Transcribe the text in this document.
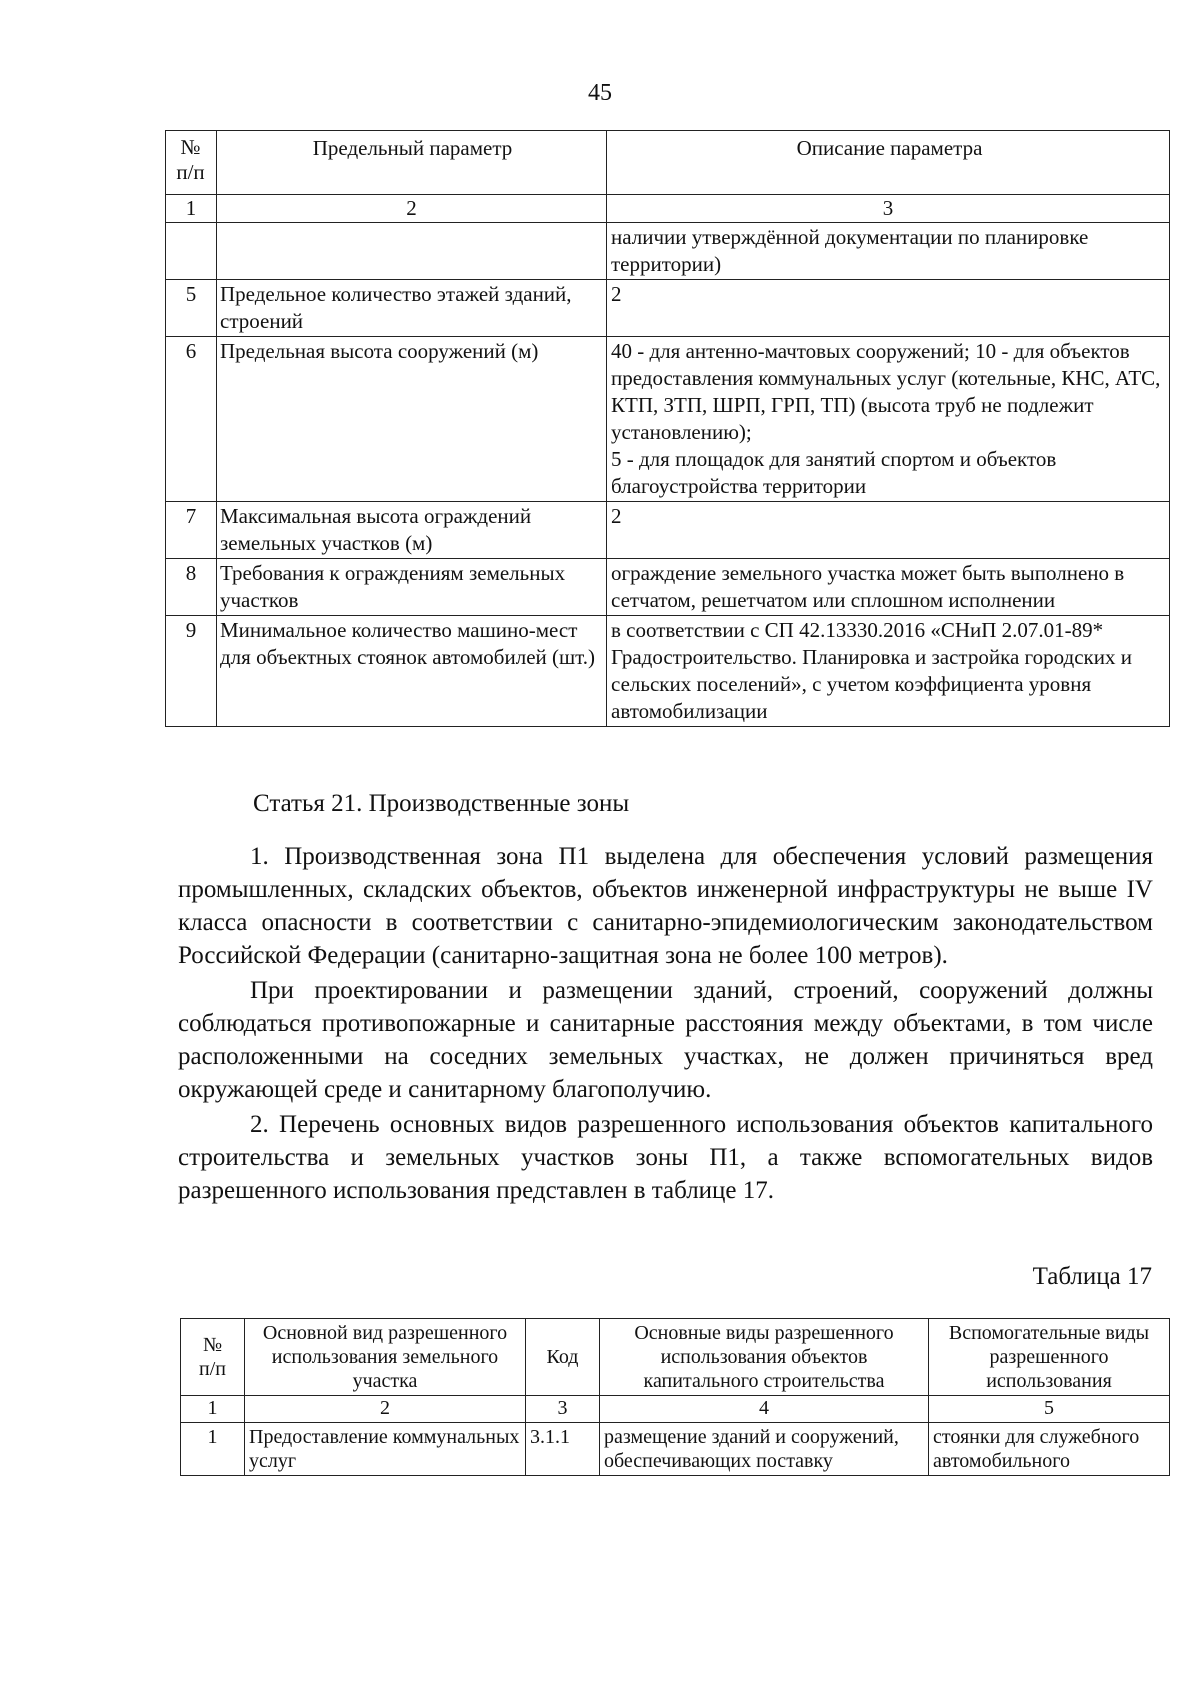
45
№
п/п	Предельный параметр	Описание параметра
1	2	3
		наличии утверждённой документации по планировке территории)
5	Предельное количество этажей зданий, строений	2
6	Предельная высота сооружений (м)	40 - для антенно-мачтовых сооружений; 10 - для объектов предоставления коммунальных услуг (котельные, КНС, АТС, КТП, ЗТП, ШРП, ГРП, ТП) (высота труб не подлежит установлению);
5 - для площадок для занятий спортом и объектов благоустройства территории
7	Максимальная высота ограждений земельных участков (м)	2
8	Требования к ограждениям земельных участков	ограждение земельного участка может быть выполнено в сетчатом, решетчатом или сплошном исполнении
9	Минимальное количество машино-мест для объектных стоянок автомобилей (шт.)	в соответствии с СП 42.13330.2016 «СНиП 2.07.01-89* Градостроительство. Планировка и застройка городских и сельских поселений», с учетом коэффициента уровня автомобилизации
Статья 21. Производственные зоны

1. Производственная зона П1 выделена для обеспечения условий размещения промышленных, складских объектов, объектов инженерной инфраструктуры не выше IV класса опасности в соответствии с санитарно-эпидемиологическим законодательством Российской Федерации (санитарно-защитная зона не более 100 метров).

При проектировании и размещении зданий, строений, сооружений должны соблюдаться противопожарные и санитарные расстояния между объектами, в том числе расположенными на соседних земельных участках, не должен причиняться вред окружающей среде и санитарному благополучию.

2. Перечень основных видов разрешенного использования объектов капитального строительства и земельных участков зоны П1, а также вспомогательных видов разрешенного использования представлен в таблице 17.

Таблица 17
№
п/п	Основной вид разрешенного использования земельного участка	Код	Основные виды разрешенного использования объектов капитального строительства	Вспомогательные виды разрешенного использования
1	2	3	4	5
1	Предоставление коммунальных услуг	3.1.1	размещение зданий и сооружений, обеспечивающих поставку	стоянки для служебного автомобильного
